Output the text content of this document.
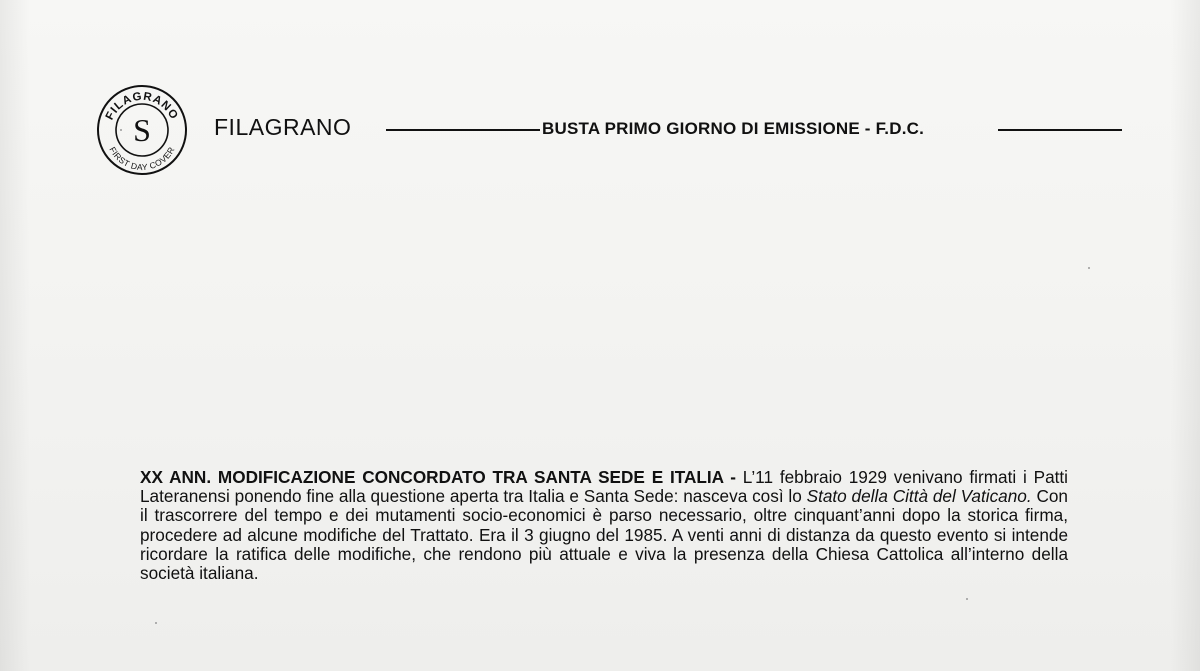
FILAGRANO
FIRST DAY COVER
S	FILAGRANO	BUSTA PRIMO GIORNO DI EMISSIONE - F.D.C.
XX ANN. MODIFICAZIONE CONCORDATO TRA SANTA SEDE E ITALIA - L’11 febbraio 1929 venivano firmati i Patti Lateranensi ponendo fine alla questione aperta tra Italia e Santa Sede: nasceva così lo Stato della Città del Vaticano. Con il trascorrere del tempo e dei mutamenti socio-economici è parso necessario, oltre cinquant’anni dopo la storica firma, procedere ad alcune modifiche del Trattato. Era il 3 giugno del 1985. A venti anni di distanza da questo evento si intende ricordare la ratifica delle modifiche, che rendono più attuale e viva la presenza della Chiesa Cattolica all’interno della società italiana.
